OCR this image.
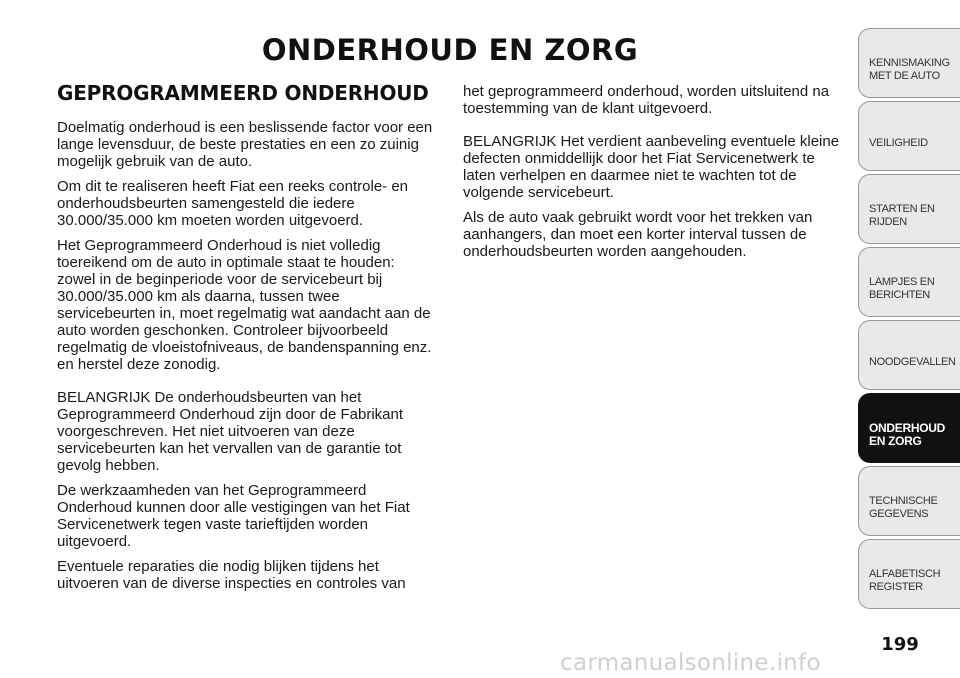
ONDERHOUD EN ZORG
GEPROGRAMMEERD ONDERHOUD

Doelmatig onderhoud is een beslissende factor voor een lange levensduur, de beste prestaties en een zo zuinig mogelijk gebruik van de auto.

Om dit te realiseren heeft Fiat een reeks controle- en onderhoudsbeurten samengesteld die iedere 30.000/35.000 km moeten worden uitgevoerd.

Het Geprogrammeerd Onderhoud is niet volledig toereikend om de auto in optimale staat te houden: zowel in de beginperiode voor de servicebeurt bij 30.000/35.000 km als daarna, tussen twee servicebeurten in, moet regelmatig wat aandacht aan de auto worden geschonken. Controleer bijvoorbeeld regelmatig de vloeistofniveaus, de bandenspanning enz. en herstel deze zonodig.

BELANGRIJK De onderhoudsbeurten van het Geprogrammeerd Onderhoud zijn door de Fabrikant voorgeschreven. Het niet uitvoeren van deze servicebeurten kan het vervallen van de garantie tot gevolg hebben.

De werkzaamheden van het Geprogrammeerd Onderhoud kunnen door alle vestigingen van het Fiat Servicenetwerk tegen vaste tarieftijden worden uitgevoerd.

Eventuele reparaties die nodig blijken tijdens het uitvoeren van de diverse inspecties en controles van

het geprogrammeerd onderhoud, worden uitsluitend na toestemming van de klant uitgevoerd.

BELANGRIJK Het verdient aanbeveling eventuele kleine defecten onmiddellijk door het Fiat Servicenetwerk te laten verhelpen en daarmee niet te wachten tot de volgende servicebeurt.

Als de auto vaak gebruikt wordt voor het trekken van aanhangers, dan moet een korter interval tussen de onderhoudsbeurten worden aangehouden.

KENNISMAKING MET DE AUTO
VEILIGHEID
STARTEN EN RIJDEN
LAMPJES EN BERICHTEN
NOODGEVALLEN
ONDERHOUD EN ZORG
TECHNISCHE GEGEVENS
ALFABETISCH REGISTER
199
carmanualsonline.info
